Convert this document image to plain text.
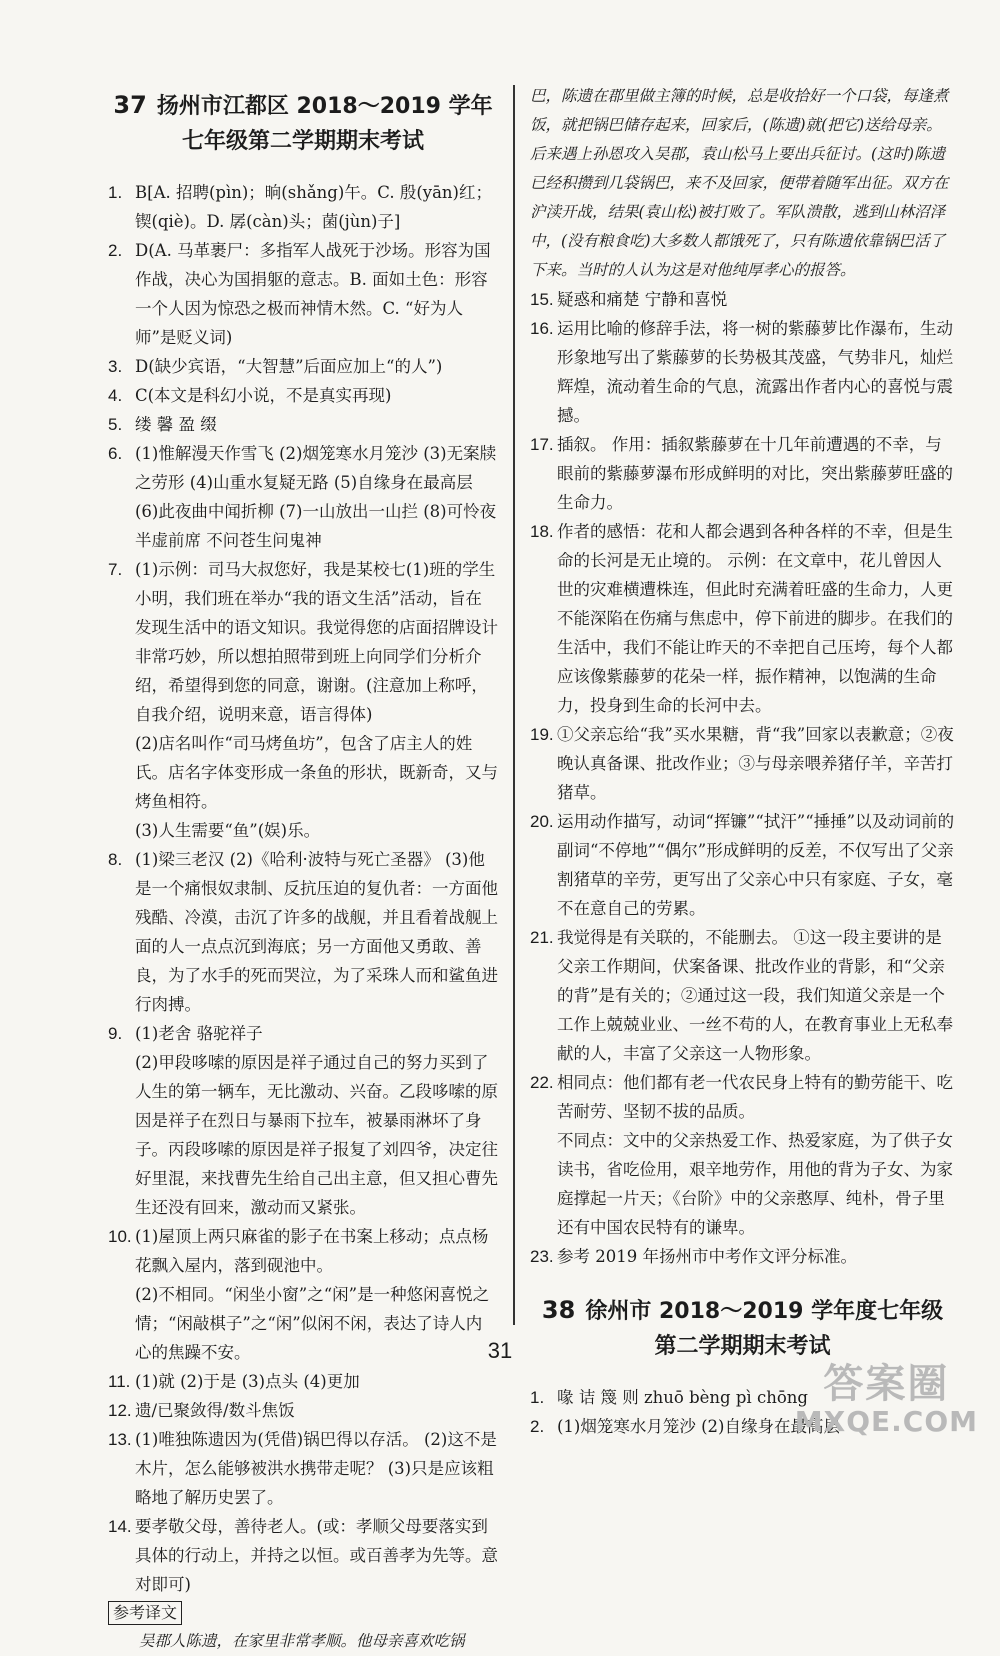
37 扬州市江都区 2018～2019 学年
七年级第二学期期末考试
1. B[A. 招聘(pìn)；晌(shǎng)午。C. 殷(yān)红；锲(qiè)。D. 孱(càn)头；菌(jùn)子]
2. D(A. 马革裹尸：多指军人战死于沙场。形容为国作战，决心为国捐躯的意志。B. 面如土色：形容一个人因为惊恐之极而神情木然。C. “好为人师”是贬义词)
3. D(缺少宾语，“大智慧”后面应加上“的人”)
4. C(本文是科幻小说，不是真实再现)
5. 缕 馨 盈 缀
6. (1)惟解漫天作雪飞 (2)烟笼寒水月笼沙 (3)无案牍之劳形 (4)山重水复疑无路 (5)自缘身在最高层 (6)此夜曲中闻折柳 (7)一山放出一山拦 (8)可怜夜半虚前席 不问苍生问鬼神
7. (1)示例：司马大叔您好，我是某校七(1)班的学生小明，我们班在举办“我的语文生活”活动，旨在发现生活中的语文知识。我觉得您的店面招牌设计非常巧妙，所以想拍照带到班上向同学们分析介绍，希望得到您的同意，谢谢。(注意加上称呼，自我介绍，说明来意，语言得体)
(2)店名叫作“司马烤鱼坊”，包含了店主人的姓氏。店名字体变形成一条鱼的形状，既新奇，又与烤鱼相符。
(3)人生需要“鱼”(娱)乐。
8. (1)梁三老汉 (2)《哈利·波特与死亡圣器》 (3)他是一个痛恨奴隶制、反抗压迫的复仇者：一方面他残酷、冷漠，击沉了许多的战舰，并且看着战舰上面的人一点点沉到海底；另一方面他又勇敢、善良，为了水手的死而哭泣，为了采珠人而和鲨鱼进行肉搏。
9. (1)老舍 骆驼祥子
(2)甲段哆嗦的原因是祥子通过自己的努力买到了人生的第一辆车，无比激动、兴奋。乙段哆嗦的原因是祥子在烈日与暴雨下拉车，被暴雨淋坏了身子。丙段哆嗦的原因是祥子报复了刘四爷，决定往好里混，来找曹先生给自己出主意，但又担心曹先生还没有回来，激动而又紧张。
10. (1)屋顶上两只麻雀的影子在书案上移动；点点杨花飘入屋内，落到砚池中。
(2)不相同。“闲坐小窗”之“闲”是一种悠闲喜悦之情；“闲敲棋子”之“闲”似闲不闲，表达了诗人内心的焦躁不安。
11. (1)就 (2)于是 (3)点头 (4)更加
12. 遗/已聚敛得/数斗焦饭
13. (1)唯独陈遗因为(凭借)锅巴得以存活。 (2)这不是木片，怎么能够被洪水携带走呢？ (3)只是应该粗略地了解历史罢了。
14. 要孝敬父母，善待老人。(或：孝顺父母要落实到具体的行动上，并持之以恒。或百善孝为先等。意对即可)
参考译文
吴郡人陈遗，在家里非常孝顺。他母亲喜欢吃锅
巴，陈遗在郡里做主簿的时候，总是收拾好一个口袋，每逢煮饭，就把锅巴储存起来，回家后，(陈遗)就(把它)送给母亲。后来遇上孙恩攻入吴郡，袁山松马上要出兵征讨。(这时)陈遗已经积攒到几袋锅巴，来不及回家，便带着随军出征。双方在沪渎开战，结果(袁山松)被打败了。军队溃散，逃到山林沼泽中，(没有粮食吃)大多数人都饿死了，只有陈遗依靠锅巴活了下来。当时的人认为这是对他纯厚孝心的报答。
15. 疑惑和痛楚 宁静和喜悦
16. 运用比喻的修辞手法，将一树的紫藤萝比作瀑布，生动形象地写出了紫藤萝的长势极其茂盛，气势非凡，灿烂辉煌，流动着生命的气息，流露出作者内心的喜悦与震撼。
17. 插叙。 作用：插叙紫藤萝在十几年前遭遇的不幸，与眼前的紫藤萝瀑布形成鲜明的对比，突出紫藤萝旺盛的生命力。
18. 作者的感悟：花和人都会遇到各种各样的不幸，但是生命的长河是无止境的。 示例：在文章中，花儿曾因人世的灾难横遭株连，但此时充满着旺盛的生命力，人更不能深陷在伤痛与焦虑中，停下前进的脚步。在我们的生活中，我们不能让昨天的不幸把自己压垮，每个人都应该像紫藤萝的花朵一样，振作精神，以饱满的生命力，投身到生命的长河中去。
19. ①父亲忘给“我”买水果糖，背“我”回家以表歉意；②夜晚认真备课、批改作业；③与母亲喂养猪仔羊，辛苦打猪草。
20. 运用动作描写，动词“挥镰”“拭汗”“捶捶”以及动词前的副词“不停地”“偶尔”形成鲜明的反差，不仅写出了父亲割猪草的辛劳，更写出了父亲心中只有家庭、子女，毫不在意自己的劳累。
21. 我觉得是有关联的，不能删去。 ①这一段主要讲的是父亲工作期间，伏案备课、批改作业的背影，和“父亲的背”是有关的；②通过这一段，我们知道父亲是一个工作上兢兢业业、一丝不苟的人，在教育事业上无私奉献的人，丰富了父亲这一人物形象。
22. 相同点：他们都有老一代农民身上特有的勤劳能干、吃苦耐劳、坚韧不拔的品质。
不同点：文中的父亲热爱工作、热爱家庭，为了供子女读书，省吃俭用，艰辛地劳作，用他的背为子女、为家庭撑起一片天；《台阶》中的父亲憨厚、纯朴，骨子里还有中国农民特有的谦卑。
23. 参考 2019 年扬州市中考作文评分标准。
38 徐州市 2018～2019 学年度七年级
第二学期期末考试
1. 喙 诘 篾 则 zhuō bèng pì chōng
2. (1)烟笼寒水月笼沙 (2)自缘身在最高层
31
答案圈
MXQE.COM
